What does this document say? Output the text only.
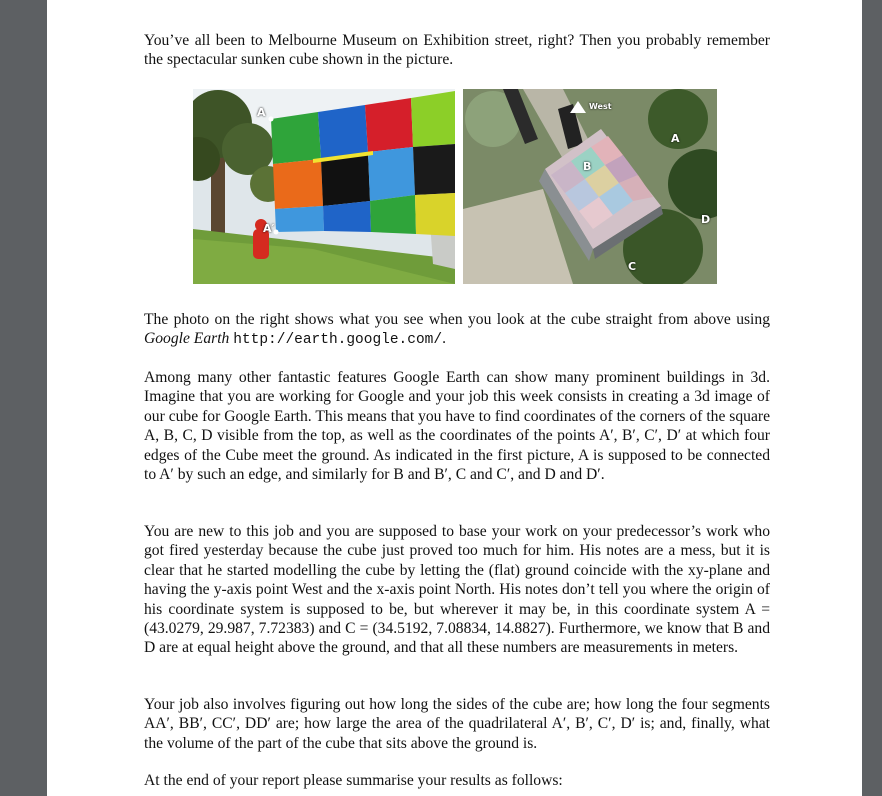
You’ve all been to Melbourne Museum on Exhibition street, right? Then you probably remember the spectacular sunken cube shown in the picture.

A
A′
West
A
B
C
D

The photo on the right shows what you see when you look at the cube straight from above using Google Earth http://earth.google.com/.

Among many other fantastic features Google Earth can show many prominent buildings in 3d. Imagine that you are working for Google and your job this week consists in creating a 3d image of our cube for Google Earth. This means that you have to find coordinates of the corners of the square A, B, C, D visible from the top, as well as the coordinates of the points A′, B′, C′, D′ at which four edges of the Cube meet the ground. As indicated in the first picture, A is supposed to be connected to A′ by such an edge, and similarly for B and B′, C and C′, and D and D′.

You are new to this job and you are supposed to base your work on your predecessor’s work who got fired yesterday because the cube just proved too much for him. His notes are a mess, but it is clear that he started modelling the cube by letting the (flat) ground coincide with the xy-plane and having the y-axis point West and the x-axis point North. His notes don’t tell you where the origin of his coordinate system is supposed to be, but wherever it may be, in this coordinate system A = (43.0279, 29.987, 7.72383) and C = (34.5192, 7.08834, 14.8827). Furthermore, we know that B and D are at equal height above the ground, and that all these numbers are measurements in meters.

Your job also involves figuring out how long the sides of the cube are; how long the four segments AA′, BB′, CC′, DD′ are; how large the area of the quadrilateral A′, B′, C′, D′ is; and, finally, what the volume of the part of the cube that sits above the ground is.

At the end of your report please summarise your results as follows:
